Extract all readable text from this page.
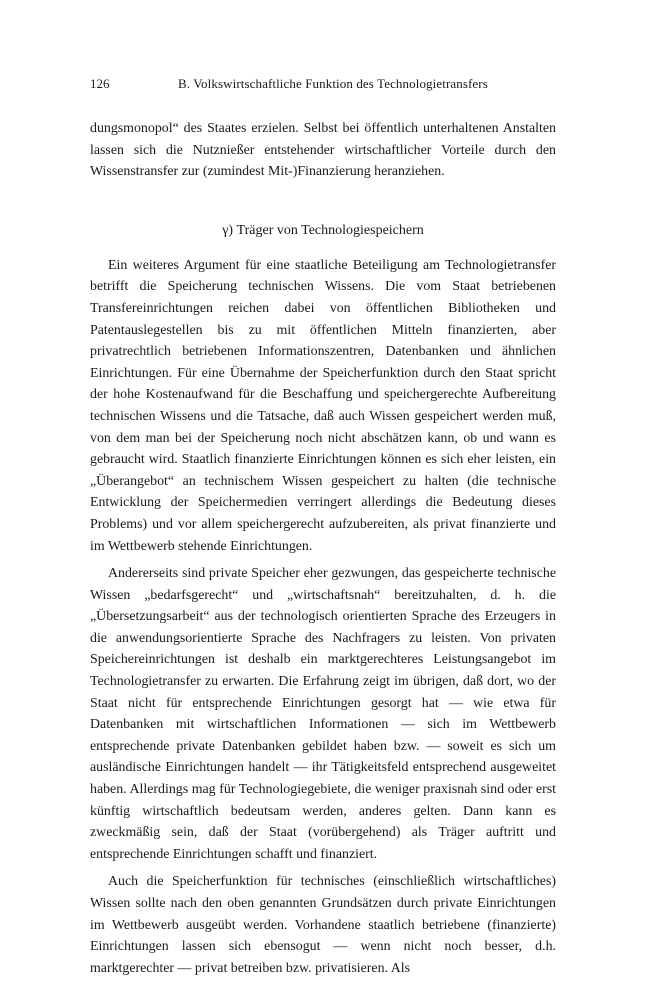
126	B. Volkswirtschaftliche Funktion des Technologietransfers

dungsmonopol“ des Staates erzielen. Selbst bei öffentlich unterhaltenen Anstalten lassen sich die Nutznießer entstehender wirtschaftlicher Vorteile durch den Wissenstransfer zur (zumindest Mit-)Finanzierung heranziehen.

γ) Träger von Technologiespeichern

Ein weiteres Argument für eine staatliche Beteiligung am Technologietransfer betrifft die Speicherung technischen Wissens. Die vom Staat betriebenen Transfereinrichtungen reichen dabei von öffentlichen Bibliotheken und Patentauslegestellen bis zu mit öffentlichen Mitteln finanzierten, aber privatrechtlich betriebenen Informationszentren, Datenbanken und ähnlichen Einrichtungen. Für eine Übernahme der Speicherfunktion durch den Staat spricht der hohe Kostenaufwand für die Beschaffung und speichergerechte Aufbereitung technischen Wissens und die Tatsache, daß auch Wissen gespeichert werden muß, von dem man bei der Speicherung noch nicht abschätzen kann, ob und wann es gebraucht wird. Staatlich finanzierte Einrichtungen können es sich eher leisten, ein „Überangebot“ an technischem Wissen gespeichert zu halten (die technische Entwicklung der Speichermedien verringert allerdings die Bedeutung dieses Problems) und vor allem speichergerecht aufzubereiten, als privat finanzierte und im Wettbewerb stehende Einrichtungen.

Andererseits sind private Speicher eher gezwungen, das gespeicherte technische Wissen „bedarfsgerecht“ und „wirtschaftsnah“ bereitzuhalten, d. h. die „Übersetzungsarbeit“ aus der technologisch orientierten Sprache des Erzeugers in die anwendungsorientierte Sprache des Nachfragers zu leisten. Von privaten Speichereinrichtungen ist deshalb ein marktgerechteres Leistungsangebot im Technologietransfer zu erwarten. Die Erfahrung zeigt im übrigen, daß dort, wo der Staat nicht für entsprechende Einrichtungen gesorgt hat — wie etwa für Datenbanken mit wirtschaftlichen Informationen — sich im Wettbewerb entsprechende private Datenbanken gebildet haben bzw. — soweit es sich um ausländische Einrichtungen handelt — ihr Tätigkeitsfeld entsprechend ausgeweitet haben. Allerdings mag für Technologiegebiete, die weniger praxisnah sind oder erst künftig wirtschaftlich bedeutsam werden, anderes gelten. Dann kann es zweckmäßig sein, daß der Staat (vorübergehend) als Träger auftritt und entsprechende Einrichtungen schafft und finanziert.

Auch die Speicherfunktion für technisches (einschließlich wirtschaftliches) Wissen sollte nach den oben genannten Grundsätzen durch private Einrichtungen im Wettbewerb ausgeübt werden. Vorhandene staatlich betriebene (finanzierte) Einrichtungen lassen sich ebensogut — wenn nicht noch besser, d.h. marktgerechter — privat betreiben bzw. privatisieren. Als
